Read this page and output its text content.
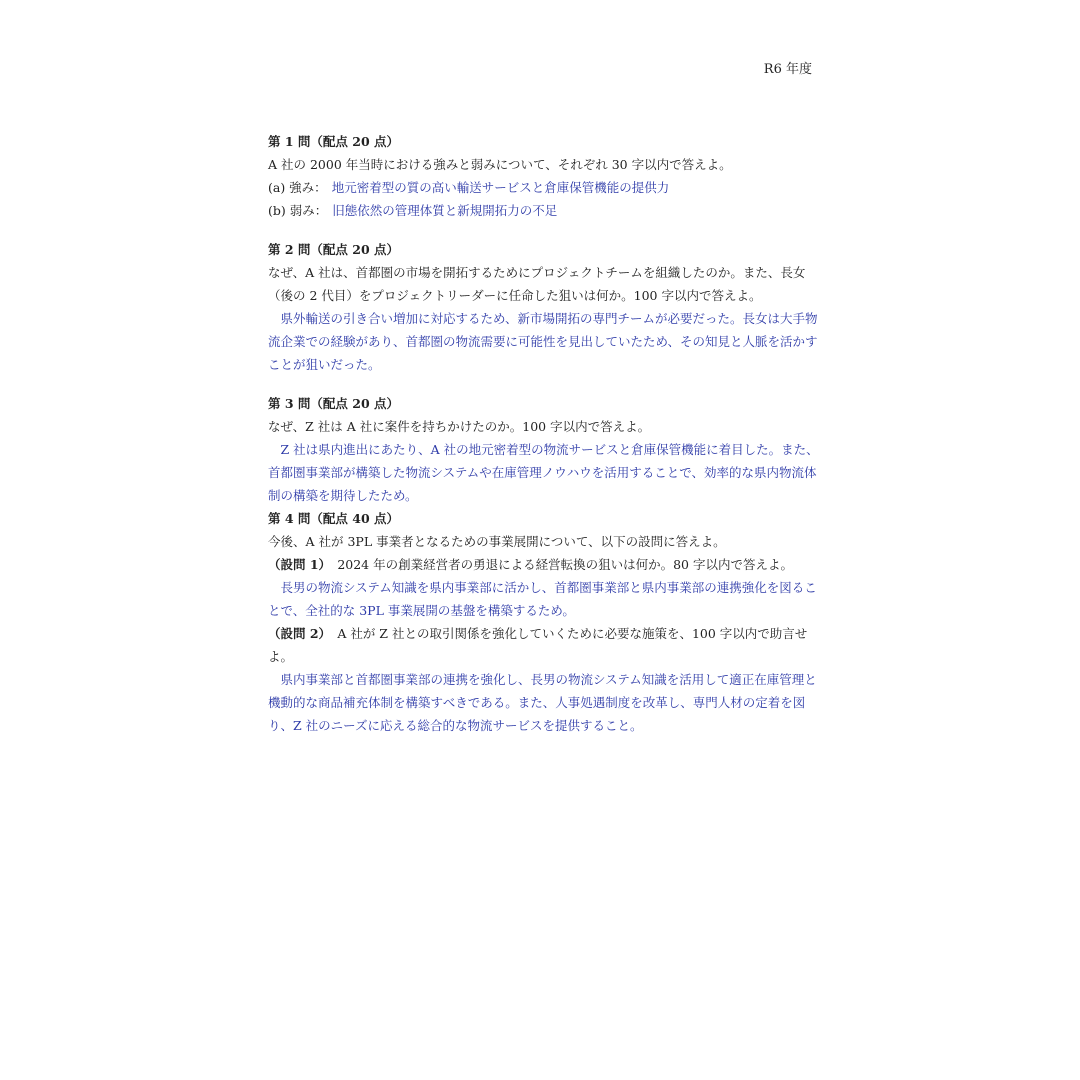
R6 年度

第 1 問（配点 20 点）

A 社の 2000 年当時における強みと弱みについて、それぞれ 30 字以内で答えよ。

(a) 強み： 地元密着型の質の高い輸送サービスと倉庫保管機能の提供力

(b) 弱み： 旧態依然の管理体質と新規開拓力の不足

第 2 問（配点 20 点）

なぜ、A 社は、首都圏の市場を開拓するためにプロジェクトチームを組織したのか。また、長女（後の 2 代目）をプロジェクトリーダーに任命した狙いは何か。100 字以内で答えよ。

県外輸送の引き合い増加に対応するため、新市場開拓の専門チームが必要だった。長女は大手物流企業での経験があり、首都圏の物流需要に可能性を見出していたため、その知見と人脈を活かすことが狙いだった。

第 3 問（配点 20 点）

なぜ、Z 社は A 社に案件を持ちかけたのか。100 字以内で答えよ。

Z 社は県内進出にあたり、A 社の地元密着型の物流サービスと倉庫保管機能に着目した。また、首都圏事業部が構築した物流システムや在庫管理ノウハウを活用することで、効率的な県内物流体制の構築を期待したため。

第 4 問（配点 40 点）

今後、A 社が 3PL 事業者となるための事業展開について、以下の設問に答えよ。

（設問 1） 2024 年の創業経営者の勇退による経営転換の狙いは何か。80 字以内で答えよ。

長男の物流システム知識を県内事業部に活かし、首都圏事業部と県内事業部の連携強化を図ることで、全社的な 3PL 事業展開の基盤を構築するため。

（設問 2） A 社が Z 社との取引関係を強化していくために必要な施策を、100 字以内で助言せよ。

県内事業部と首都圏事業部の連携を強化し、長男の物流システム知識を活用して適正在庫管理と機動的な商品補充体制を構築すべきである。また、人事処遇制度を改革し、専門人材の定着を図り、Z 社のニーズに応える総合的な物流サービスを提供すること。
